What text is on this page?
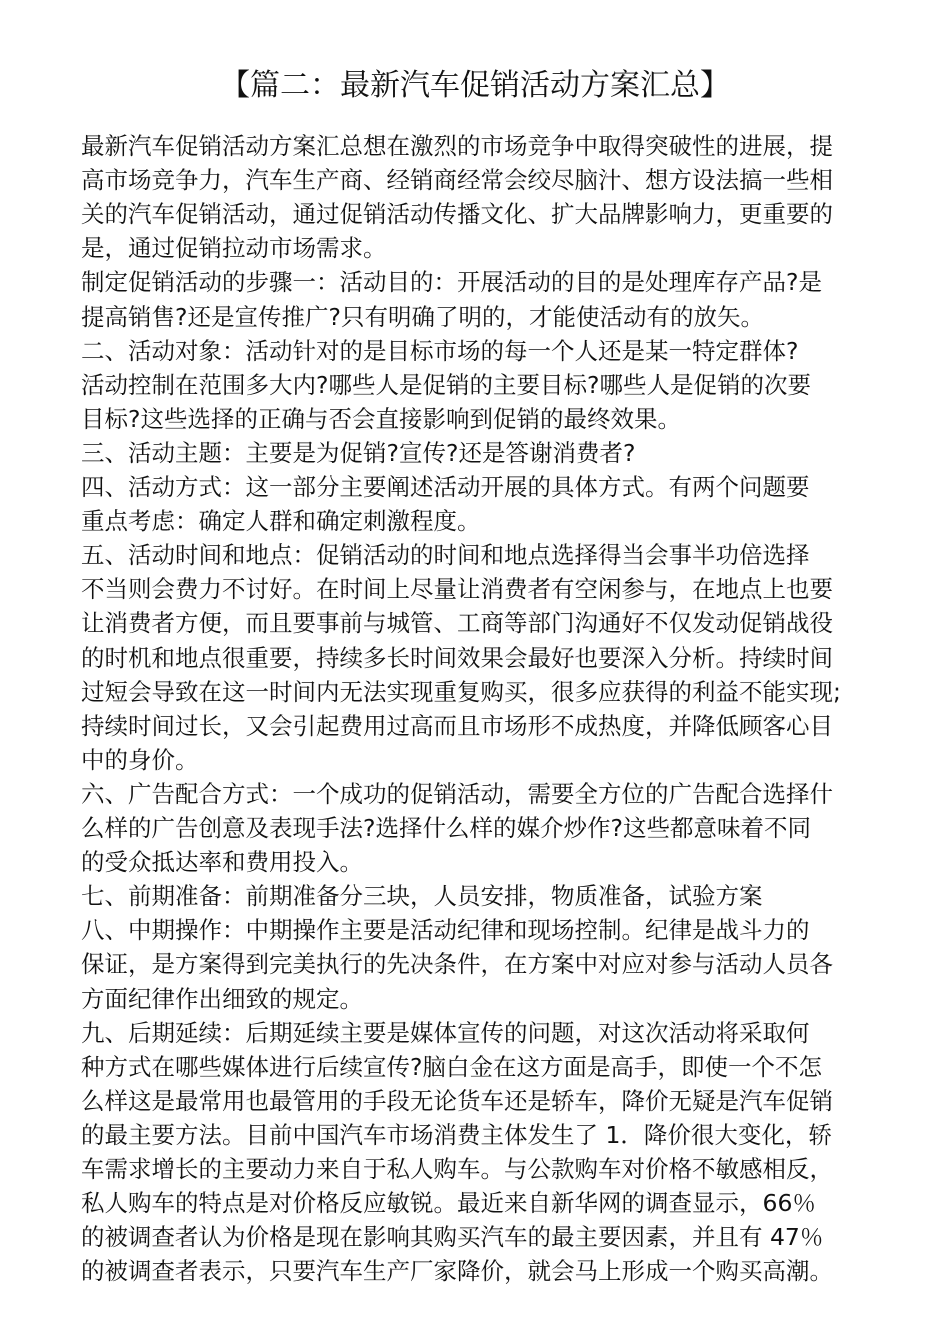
【篇二：最新汽车促销活动方案汇总】
最新汽车促销活动方案汇总想在激烈的市场竞争中取得突破性的进展，提
高市场竞争力，汽车生产商、经销商经常会绞尽脑汁、想方设法搞一些相
关的汽车促销活动，通过促销活动传播文化、扩大品牌影响力，更重要的
是，通过促销拉动市场需求。
制定促销活动的步骤一：活动目的：开展活动的目的是处理库存产品?是
提高销售?还是宣传推广?只有明确了明的，才能使活动有的放矢。
二、活动对象：活动针对的是目标市场的每一个人还是某一特定群体?
活动控制在范围多大内?哪些人是促销的主要目标?哪些人是促销的次要
目标?这些选择的正确与否会直接影响到促销的最终效果。
三、活动主题：主要是为促销?宣传?还是答谢消费者?
四、活动方式：这一部分主要阐述活动开展的具体方式。有两个问题要
重点考虑：确定人群和确定刺激程度。
五、活动时间和地点：促销活动的时间和地点选择得当会事半功倍选择
不当则会费力不讨好。在时间上尽量让消费者有空闲参与，在地点上也要
让消费者方便，而且要事前与城管、工商等部门沟通好不仅发动促销战役
的时机和地点很重要，持续多长时间效果会最好也要深入分析。持续时间
过短会导致在这一时间内无法实现重复购买，很多应获得的利益不能实现;
持续时间过长，又会引起费用过高而且市场形不成热度，并降低顾客心目
中的身价。
六、广告配合方式：一个成功的促销活动，需要全方位的广告配合选择什
么样的广告创意及表现手法?选择什么样的媒介炒作?这些都意味着不同
的受众抵达率和费用投入。
七、前期准备：前期准备分三块，人员安排，物质准备，试验方案
八、中期操作：中期操作主要是活动纪律和现场控制。纪律是战斗力的
保证，是方案得到完美执行的先决条件，在方案中对应对参与活动人员各
方面纪律作出细致的规定。
九、后期延续：后期延续主要是媒体宣传的问题，对这次活动将采取何
种方式在哪些媒体进行后续宣传?脑白金在这方面是高手，即使一个不怎
么样这是最常用也最管用的手段无论货车还是轿车，降价无疑是汽车促销
的最主要方法。目前中国汽车市场消费主体发生了 1．降价很大变化，轿
车需求增长的主要动力来自于私人购车。与公款购车对价格不敏感相反，
私人购车的特点是对价格反应敏锐。最近来自新华网的调查显示，66％
的被调查者认为价格是现在影响其购买汽车的最主要因素，并且有 47％
的被调查者表示，只要汽车生产厂家降价，就会马上形成一个购买高潮。
